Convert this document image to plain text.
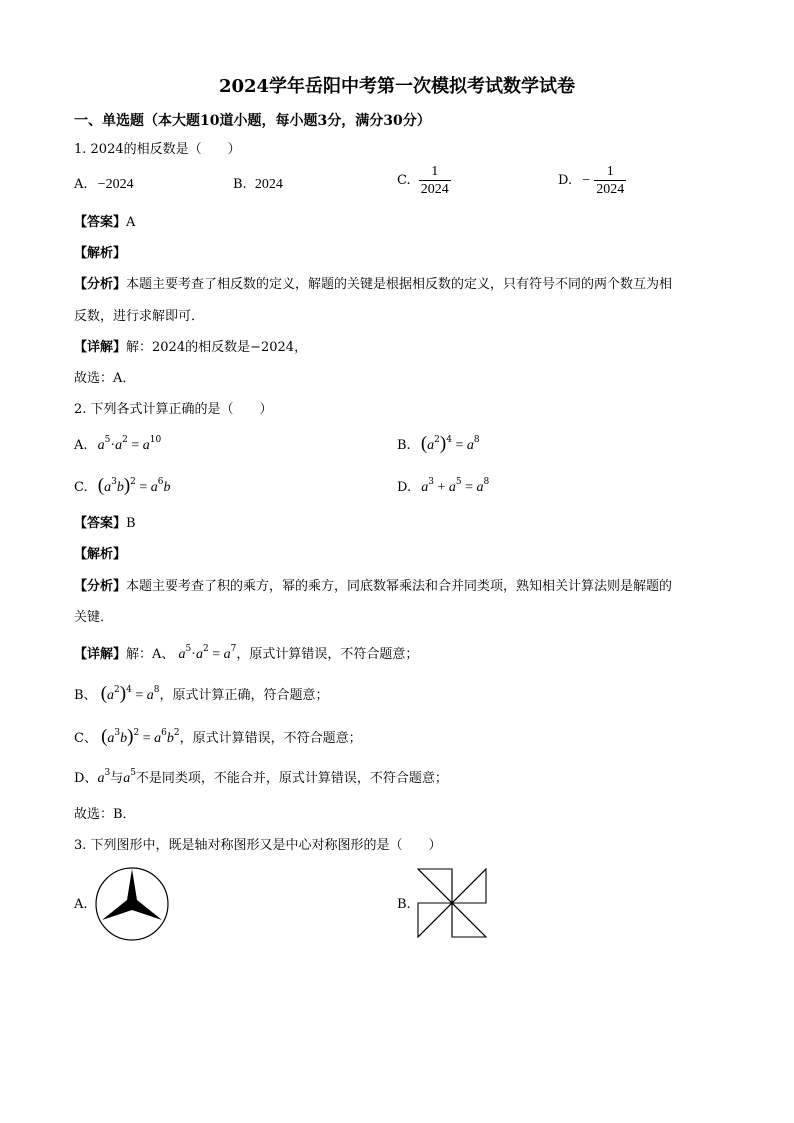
2024学年岳阳中考第一次模拟考试数学试卷
一、单选题（本大题10道小题，每小题3分，满分30分）
1. 2024的相反数是（　　）
A. −2024	B. 2024	C. $\frac{1}{2024}$	D. − $\frac{1}{2024}$
【答案】A
【解析】
【分析】本题主要考查了相反数的定义，解题的关键是根据相反数的定义，只有符号不同的两个数互为相
反数，进行求解即可．
【详解】解：2024的相反数是−2024，
故选：A．
2. 下列各式计算正确的是（　　）
A. $a^5\cdot a^2 = a^{10}$	B. $(a^2)^4 = a^8$
C. $(a^3b)^2 = a^6b$	D. $a^3 + a^5 = a^8$
【答案】B
【解析】
【分析】本题主要考查了积的乘方，幂的乘方，同底数幂乘法和合并同类项，熟知相关计算法则是解题的
关键．
【详解】解：A、 $a^5\cdot a^2 = a^7$，原式计算错误，不符合题意；
B、 $(a^2)^4 = a^8$，原式计算正确，符合题意；
C、 $(a^3b)^2 = a^6b^2$，原式计算错误，不符合题意；
D、$a^3$与$a^5$不是同类项，不能合并，原式计算错误，不符合题意；
故选：B．
3. 下列图形中，既是轴对称图形又是中心对称图形的是（　　）
A.	B.
